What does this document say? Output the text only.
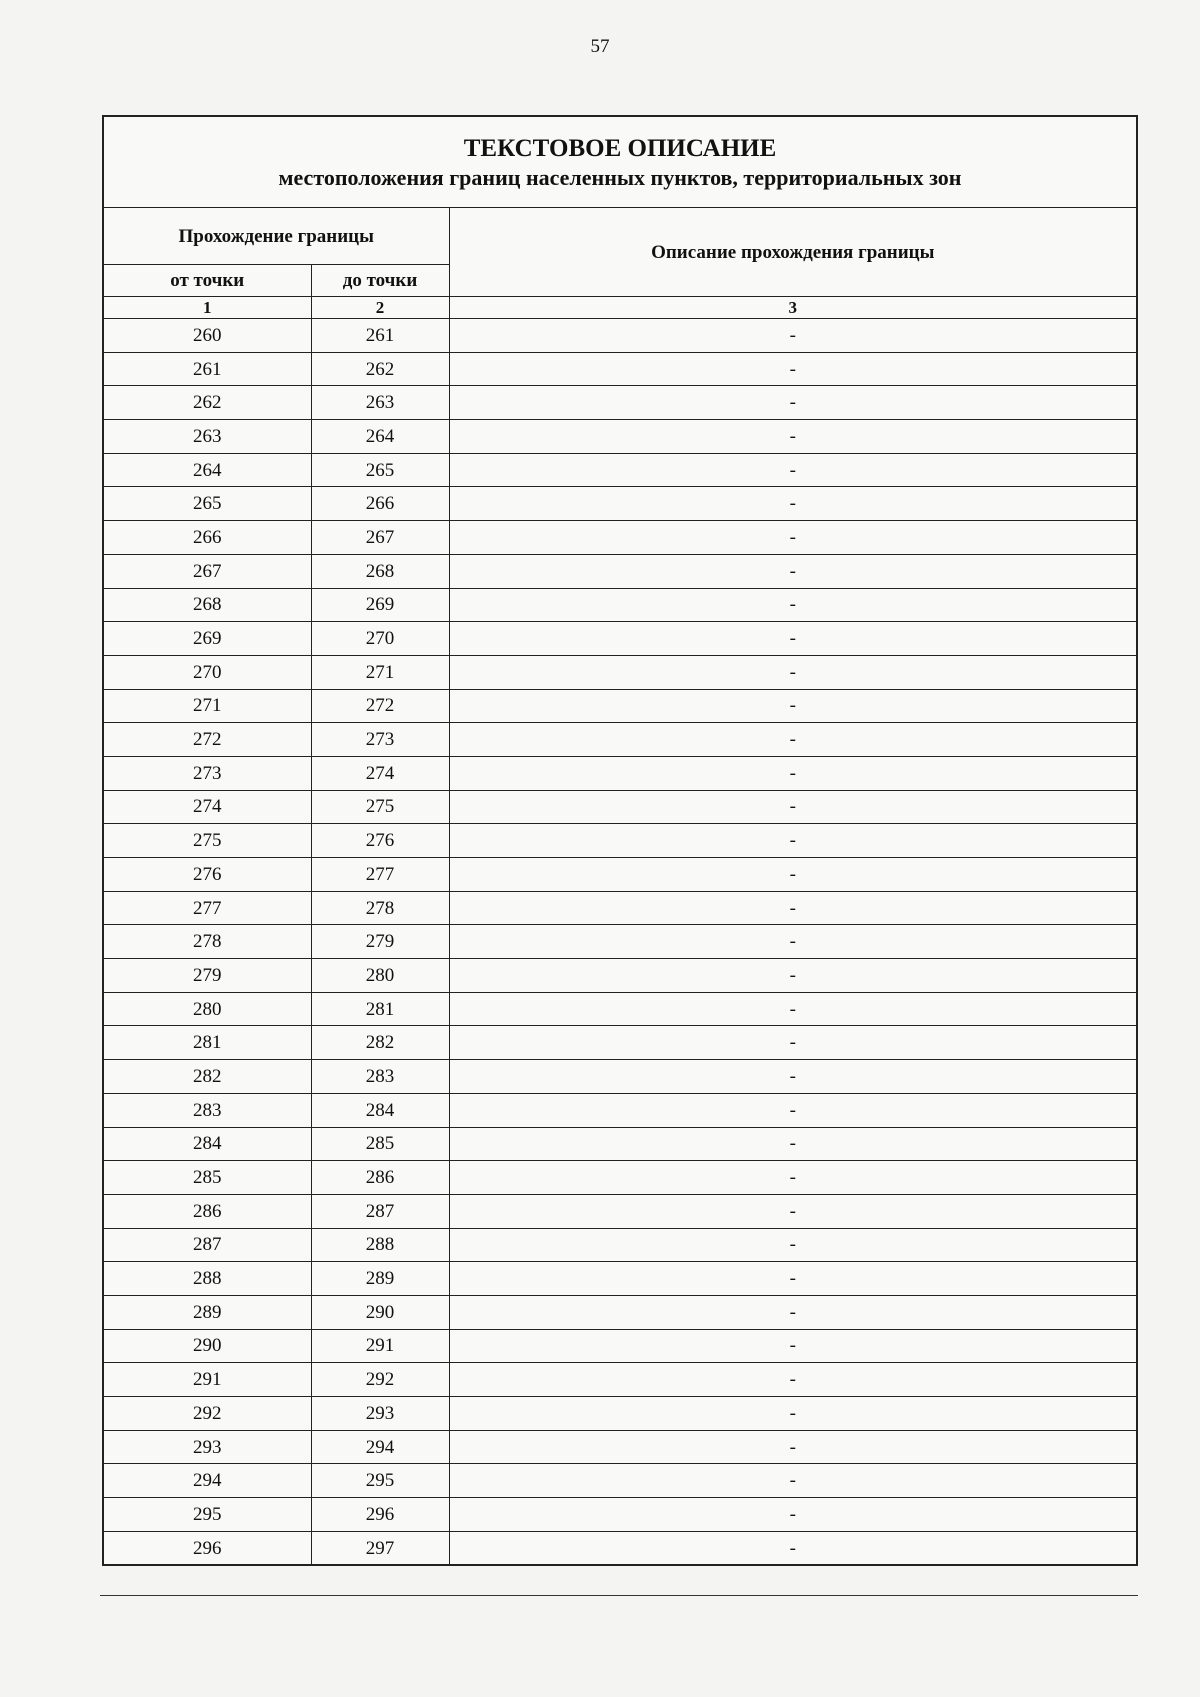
57
ТЕКСТОВОЕ ОПИСАНИЕ
местоположения границ населенных пунктов, территориальных зон		

Прохождение границы		Описание прохождения границы
от точки	до точки	
1	2	3
260	261	-
261	262	-
262	263	-
263	264	-
264	265	-
265	266	-
266	267	-
267	268	-
268	269	-
269	270	-
270	271	-
271	272	-
272	273	-
273	274	-
274	275	-
275	276	-
276	277	-
277	278	-
278	279	-
279	280	-
280	281	-
281	282	-
282	283	-
283	284	-
284	285	-
285	286	-
286	287	-
287	288	-
288	289	-
289	290	-
290	291	-
291	292	-
292	293	-
293	294	-
294	295	-
295	296	-
296	297	-
